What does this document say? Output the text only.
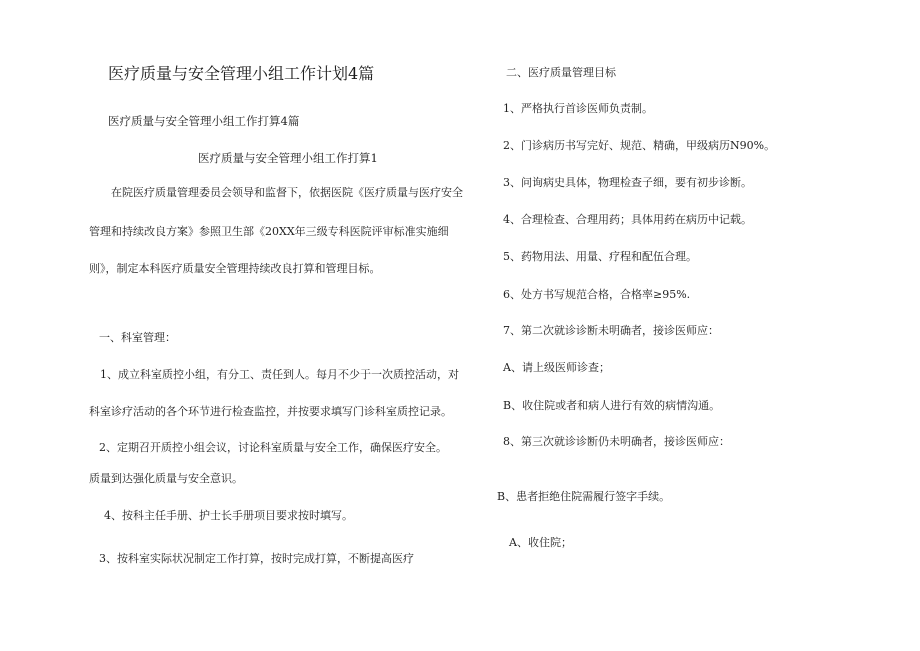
医疗质量与安全管理小组工作计划4篇
医疗质量与安全管理小组工作打算4篇
医疗质量与安全管理小组工作打算1
在院医疗质量管理委员会领导和监督下，依据医院《医疗质量与医疗安全
管理和持续改良方案》参照卫生部《20XX年三级专科医院评审标准实施细
则》，制定本科医疗质量安全管理持续改良打算和管理目标。
一、科室管理：
1、成立科室质控小组，有分工、责任到人。每月不少于一次质控活动，对
科室诊疗活动的各个环节进行检查监控，并按要求填写门诊科室质控记录。
2、定期召开质控小组会议，讨论科室质量与安全工作，确保医疗安全。
质量到达强化质量与安全意识。
4、按科主任手册、护士长手册项目要求按时填写。
3、按科室实际状况制定工作打算，按时完成打算，不断提高医疗
二、医疗质量管理目标
1、严格执行首诊医师负责制。
2、门诊病历书写完好、规范、精确，甲级病历N90%。
3、问询病史具体，物理检查子细，要有初步诊断。
4、合理检查、合理用药；具体用药在病历中记载。
5、药物用法、用量、疗程和配伍合理。
6、处方书写规范合格，合格率≥95%.
7、第二次就诊诊断未明确者，接诊医师应：
A、请上级医师诊查；
B、收住院或者和病人进行有效的病情沟通。
8、第三次就诊诊断仍未明确者，接诊医师应：
B、患者拒绝住院需履行签字手续。
A、收住院；
